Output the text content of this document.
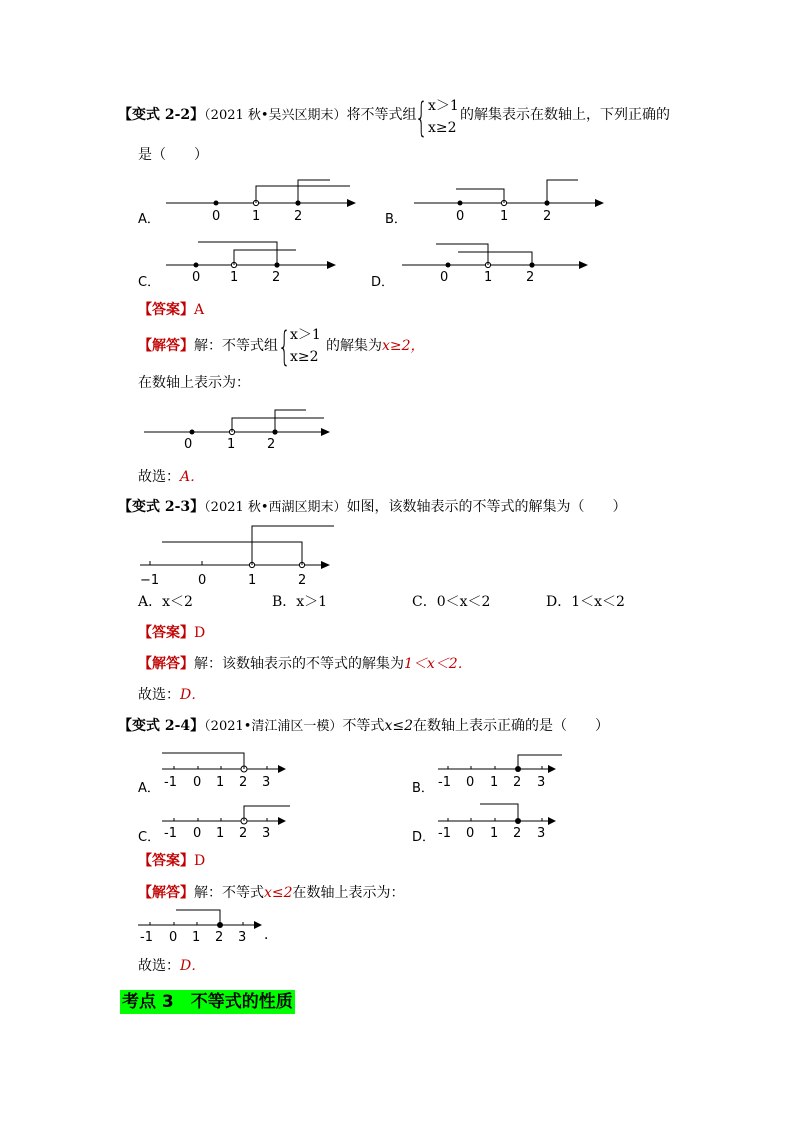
【变式 2-2】（2021 秋•吴兴区期末）将不等式组
{ x＞1
x≥2
的解集表示在数轴上，下列正确的
是（　　）
A．	0 1	2	B．	0	1	2
C． 0 1	2	D．	0	1	2
【答案】A
【解答】解：不等式组 { x＞1
x≥2
的解集为x≥2，
在数轴上表示为：
0	1 2
故选：A．
【变式 2-3】（2021 秋•西湖区期末）如图，该数轴表示的不等式的解集为（　　）
−1	0	1	2
A．x＜2	B．x＞1	C．0＜x＜2	D．1＜x＜2
【答案】D
【解答】解：该数轴表示的不等式的解集为1＜x＜2．
故选：D．
【变式 2-4】（2021•清江浦区一模）不等式x≤2在数轴上表示正确的是（　　）
A． -1 0 1 2 3	B． -1 0 1 2 3
C． -1 0 1 2 3	D． -1 0 1 2 3
【答案】D
【解答】解：不等式x≤2在数轴上表示为：
-1 0 1 2 3 ．
故选：D．
考点 3　不等式的性质
